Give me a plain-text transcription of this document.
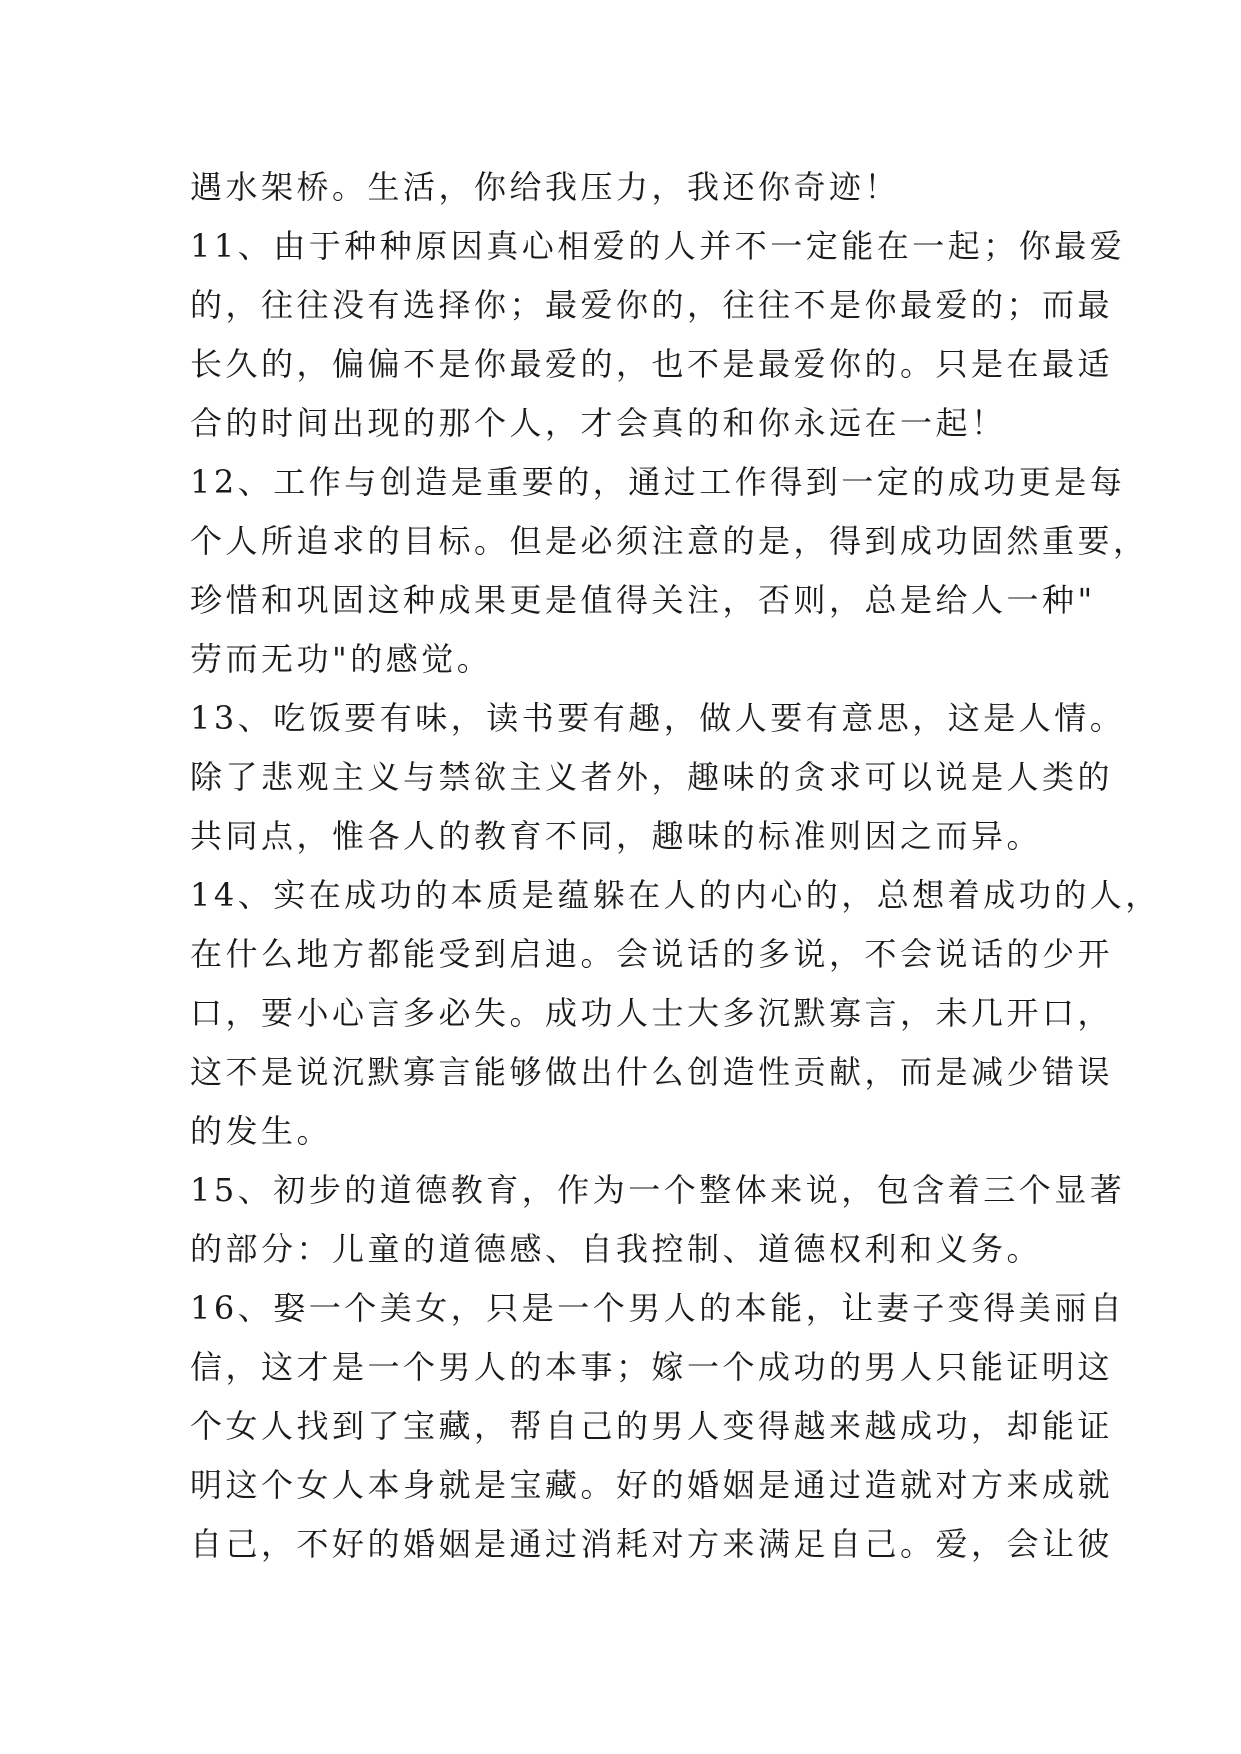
遇水架桥。生活，你给我压力，我还你奇迹！
11、由于种种原因真心相爱的人并不一定能在一起；你最爱
的，往往没有选择你；最爱你的，往往不是你最爱的；而最
长久的，偏偏不是你最爱的，也不是最爱你的。只是在最适
合的时间出现的那个人，才会真的和你永远在一起！
12、工作与创造是重要的，通过工作得到一定的成功更是每
个人所追求的目标。但是必须注意的是，得到成功固然重要，
珍惜和巩固这种成果更是值得关注，否则，总是给人一种"
劳而无功"的感觉。
13、吃饭要有味，读书要有趣，做人要有意思，这是人情。
除了悲观主义与禁欲主义者外，趣味的贪求可以说是人类的
共同点，惟各人的教育不同，趣味的标准则因之而异。
14、实在成功的本质是蕴躲在人的内心的，总想着成功的人，
在什么地方都能受到启迪。会说话的多说，不会说话的少开
口，要小心言多必失。成功人士大多沉默寡言，未几开口，
这不是说沉默寡言能够做出什么创造性贡献，而是减少错误
的发生。
15、初步的道德教育，作为一个整体来说，包含着三个显著
的部分：儿童的道德感、自我控制、道德权利和义务。
16、娶一个美女，只是一个男人的本能，让妻子变得美丽自
信，这才是一个男人的本事；嫁一个成功的男人只能证明这
个女人找到了宝藏，帮自己的男人变得越来越成功，却能证
明这个女人本身就是宝藏。好的婚姻是通过造就对方来成就
自己，不好的婚姻是通过消耗对方来满足自己。爱，会让彼
